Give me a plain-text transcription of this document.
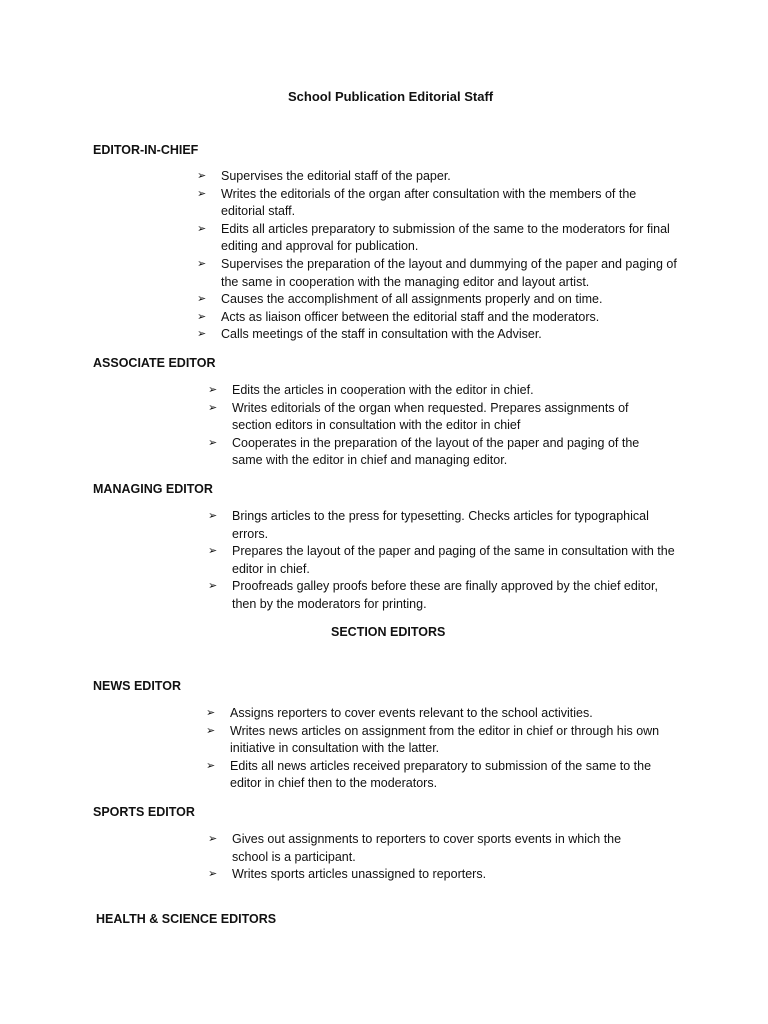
School Publication Editorial Staff
EDITOR-IN-CHIEF
➢ Supervises the editorial staff of the paper.
➢ Writes the editorials of the organ after consultation with the members of the editorial staff.
➢ Edits all articles preparatory to submission of the same to the moderators for final editing and approval for publication.
➢ Supervises the preparation of the layout and dummying of the paper and paging of the same in cooperation with the managing editor and layout artist.
➢ Causes the accomplishment of all assignments properly and on time.
➢ Acts as liaison officer between the editorial staff and the moderators.
➢ Calls meetings of the staff in consultation with the Adviser.
ASSOCIATE EDITOR
➢ Edits the articles in cooperation with the editor in chief.
➢ Writes editorials of the organ when requested. Prepares assignments of section editors in consultation with the editor in chief
➢ Cooperates in the preparation of the layout of the paper and paging of the same with the editor in chief and managing editor.
MANAGING EDITOR
➢ Brings articles to the press for typesetting. Checks articles for typographical errors.
➢ Prepares the layout of the paper and paging of the same in consultation with the editor in chief.
➢ Proofreads galley proofs before these are finally approved by the chief editor, then by the moderators for printing.
SECTION EDITORS
NEWS EDITOR
➢ Assigns reporters to cover events relevant to the school activities.
➢ Writes news articles on assignment from the editor in chief or through his own initiative in consultation with the latter.
➢ Edits all news articles received preparatory to submission of the same to the editor in chief then to the moderators.
SPORTS EDITOR
➢ Gives out assignments to reporters to cover sports events in which the school is a participant.
➢ Writes sports articles unassigned to reporters.
HEALTH & SCIENCE EDITORS
